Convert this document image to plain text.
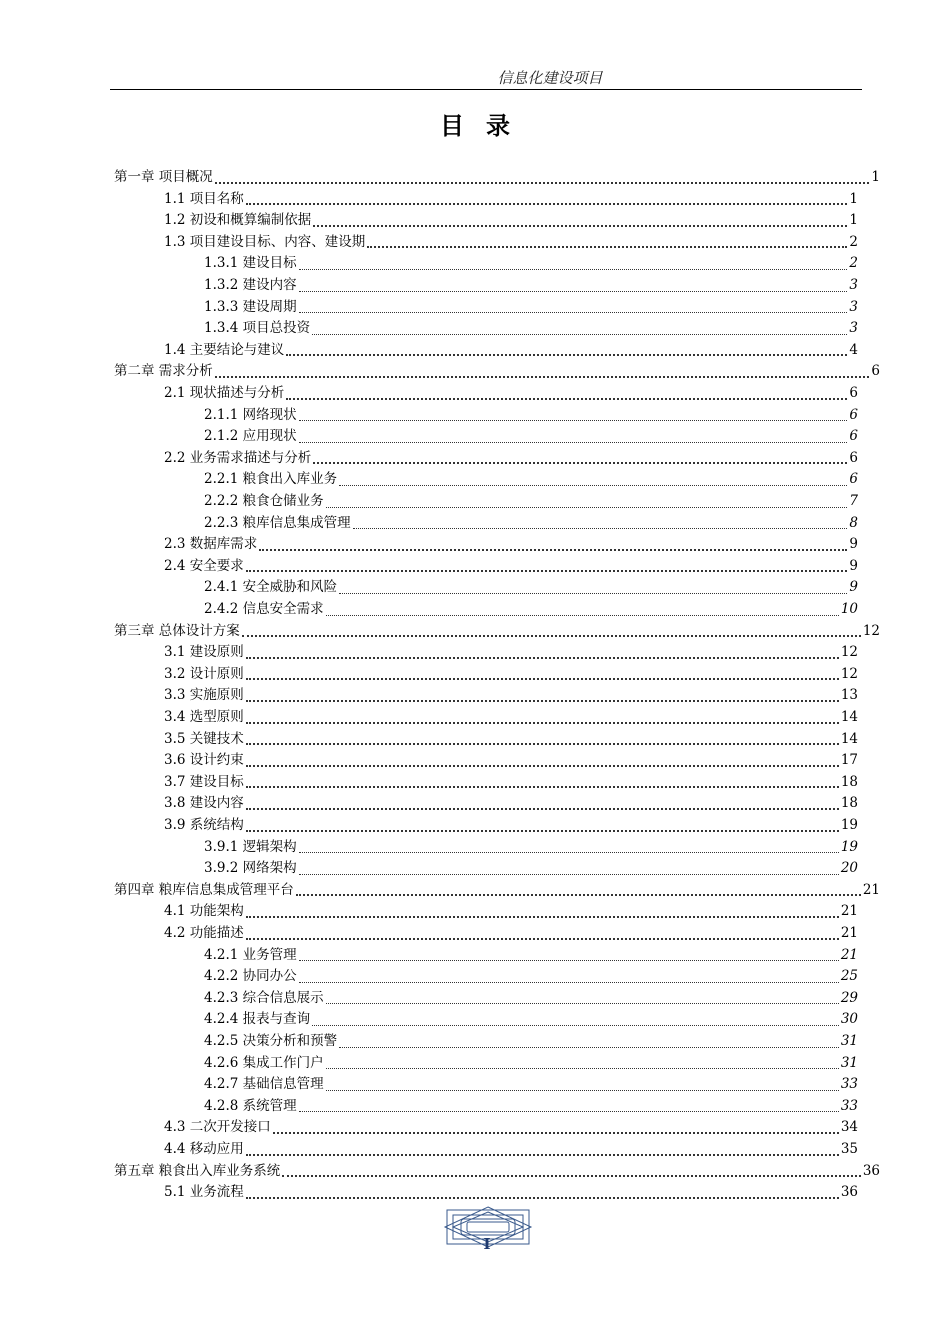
信息化建设项目
目录
第一章 项目概况	1
1.1 项目名称	1
1.2 初设和概算编制依据	1
1.3 项目建设目标、内容、建设期	2
1.3.1 建设目标	2
1.3.2 建设内容	3
1.3.3 建设周期	3
1.3.4 项目总投资	3
1.4 主要结论与建议	4
第二章 需求分析	6
2.1 现状描述与分析	6
2.1.1 网络现状	6
2.1.2 应用现状	6
2.2 业务需求描述与分析	6
2.2.1 粮食出入库业务	6
2.2.2 粮食仓储业务	7
2.2.3 粮库信息集成管理	8
2.3 数据库需求	9
2.4 安全要求	9
2.4.1 安全威胁和风险	9
2.4.2 信息安全需求	10
第三章 总体设计方案	12
3.1 建设原则	12
3.2 设计原则	12
3.3 实施原则	13
3.4 选型原则	14
3.5 关键技术	14
3.6 设计约束	17
3.7 建设目标	18
3.8 建设内容	18
3.9 系统结构	19
3.9.1 逻辑架构	19
3.9.2 网络架构	20
第四章 粮库信息集成管理平台	21
4.1 功能架构	21
4.2 功能描述	21
4.2.1 业务管理	21
4.2.2 协同办公	25
4.2.3 综合信息展示	29
4.2.4 报表与查询	30
4.2.5 决策分析和预警	31
4.2.6 集成工作门户	31
4.2.7 基础信息管理	33
4.2.8 系统管理	33
4.3 二次开发接口	34
4.4 移动应用	35
第五章 粮食出入库业务系统	36
5.1 业务流程	36
I
